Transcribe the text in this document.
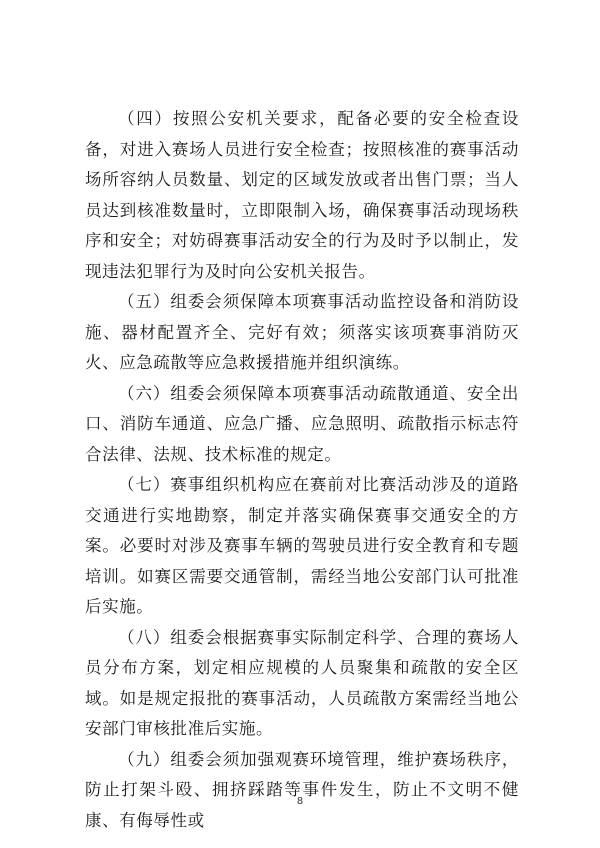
（四）按照公安机关要求，配备必要的安全检查设备，对进入赛场人员进行安全检查；按照核准的赛事活动场所容纳人员数量、划定的区域发放或者出售门票；当人员达到核准数量时，立即限制入场，确保赛事活动现场秩序和安全；对妨碍赛事活动安全的行为及时予以制止，发现违法犯罪行为及时向公安机关报告。

（五）组委会须保障本项赛事活动监控设备和消防设施、器材配置齐全、完好有效；须落实该项赛事消防灭火、应急疏散等应急救援措施并组织演练。

（六）组委会须保障本项赛事活动疏散通道、安全出口、消防车通道、应急广播、应急照明、疏散指示标志符合法律、法规、技术标准的规定。

（七）赛事组织机构应在赛前对比赛活动涉及的道路交通进行实地勘察，制定并落实确保赛事交通安全的方案。必要时对涉及赛事车辆的驾驶员进行安全教育和专题培训。如赛区需要交通管制，需经当地公安部门认可批准后实施。

（八）组委会根据赛事实际制定科学、合理的赛场人员分布方案，划定相应规模的人员聚集和疏散的安全区域。如是规定报批的赛事活动，人员疏散方案需经当地公安部门审核批准后实施。

（九）组委会须加强观赛环境管理，维护赛场秩序，防止打架斗殴、拥挤踩踏等事件发生，防止不文明不健康、有侮辱性或

8
